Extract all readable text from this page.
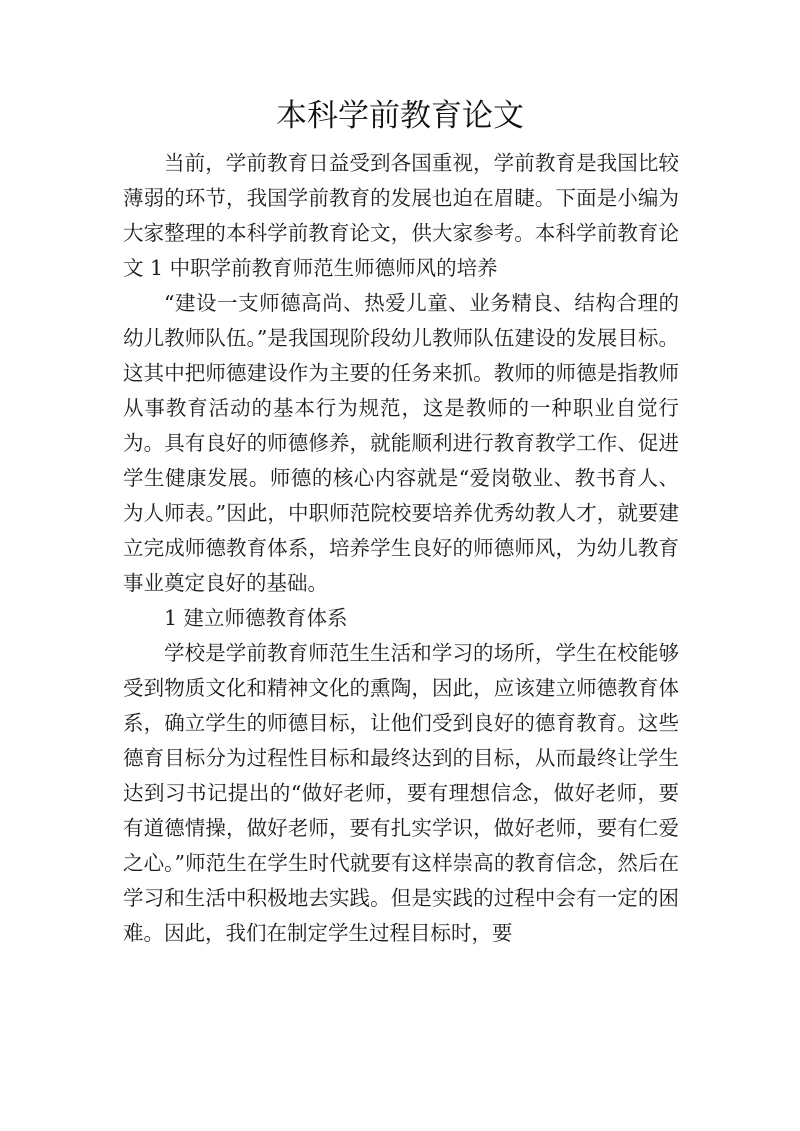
本科学前教育论文

当前，学前教育日益受到各国重视，学前教育是我国比较薄弱的环节，我国学前教育的发展也迫在眉睫。下面是小编为大家整理的本科学前教育论文，供大家参考。本科学前教育论文 1 中职学前教育师范生师德师风的培养

“建设一支师德高尚、热爱儿童、业务精良、结构合理的幼儿教师队伍。”是我国现阶段幼儿教师队伍建设的发展目标。这其中把师德建设作为主要的任务来抓。教师的师德是指教师从事教育活动的基本行为规范，这是教师的一种职业自觉行为。具有良好的师德修养，就能顺利进行教育教学工作、促进学生健康发展。师德的核心内容就是“爱岗敬业、教书育人、为人师表。”因此，中职师范院校要培养优秀幼教人才，就要建立完成师德教育体系，培养学生良好的师德师风，为幼儿教育事业奠定良好的基础。

1 建立师德教育体系

学校是学前教育师范生生活和学习的场所，学生在校能够受到物质文化和精神文化的熏陶，因此，应该建立师德教育体系，确立学生的师德目标，让他们受到良好的德育教育。这些德育目标分为过程性目标和最终达到的目标，从而最终让学生达到习书记提出的“做好老师，要有理想信念，做好老师，要有道德情操，做好老师，要有扎实学识，做好老师，要有仁爱之心。”师范生在学生时代就要有这样崇高的教育信念，然后在学习和生活中积极地去实践。但是实践的过程中会有一定的困难。因此，我们在制定学生过程目标时，要
